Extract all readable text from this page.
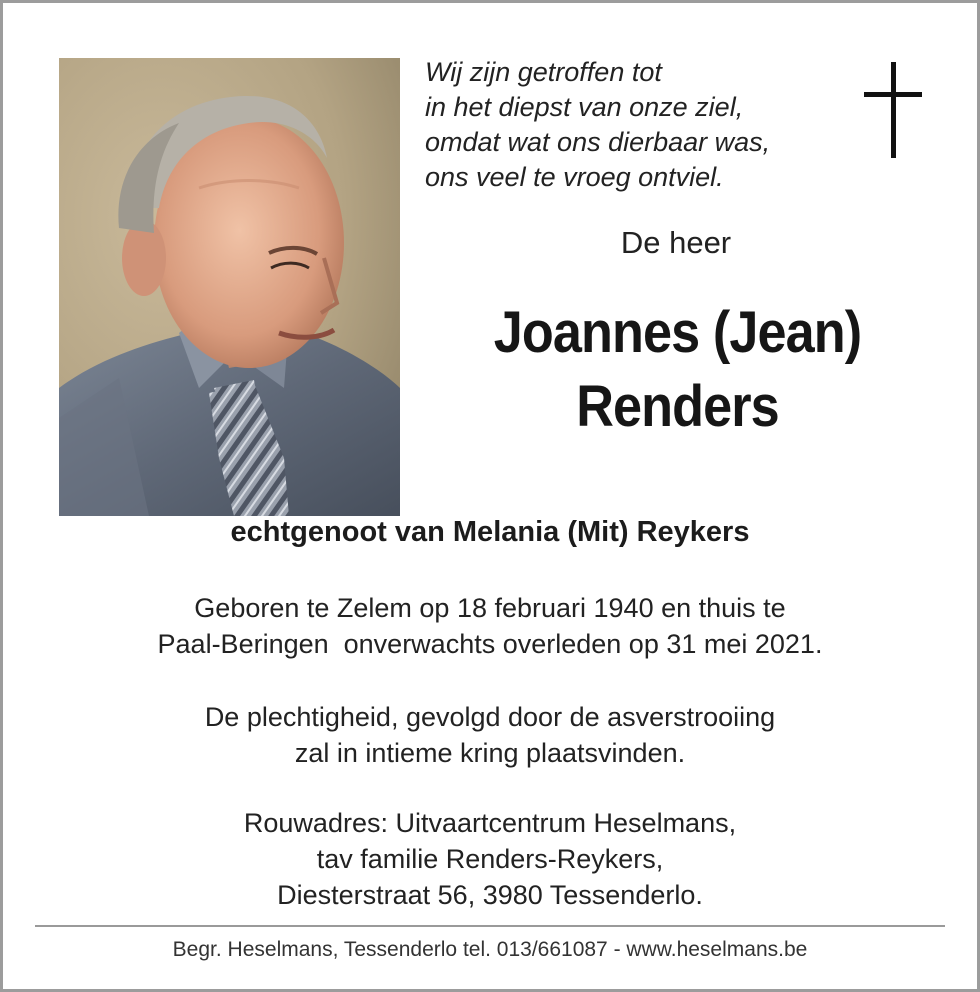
Wij zijn getroffen tot
in het diepst van onze ziel,
omdat wat ons dierbaar was,
ons veel te vroeg ontviel.
De heer
Joannes (Jean)
Renders
echtgenoot van Melania (Mit) Reykers
Geboren te Zelem op 18 februari 1940 en thuis te
Paal-Beringen  onverwachts overleden op 31 mei 2021.
De plechtigheid, gevolgd door de asverstrooiing
zal in intieme kring plaatsvinden.
Rouwadres: Uitvaartcentrum Heselmans,
tav familie Renders-Reykers,
Diesterstraat 56, 3980 Tessenderlo.
Begr. Heselmans, Tessenderlo tel. 013/661087 - www.heselmans.be
